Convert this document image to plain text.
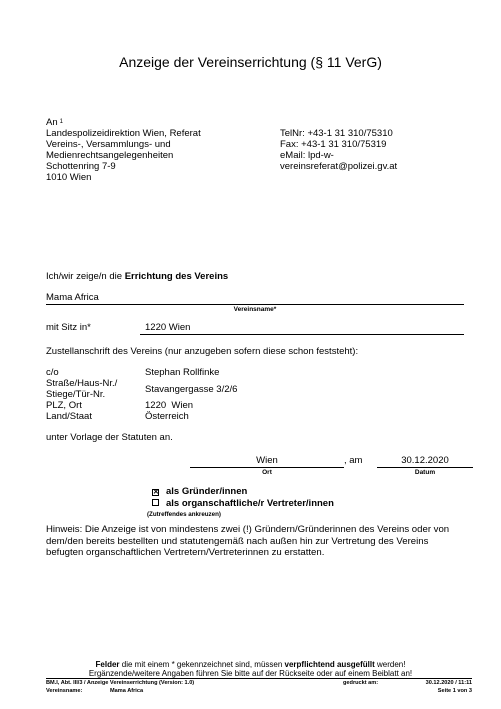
Anzeige der Vereinserrichtung (§ 11 VerG)
An $^1$
Landespolizeidirektion Wien, Referat
Vereins-, Versammlungs- und
Medienrechtsangelegenheiten
Schottenring 7-9
1010 Wien
TelNr: +43-1 31 310/75310
Fax: +43-1 31 310/75319
eMail: lpd-w-
vereinsreferat@polizei.gv.at
Ich/wir zeige/n die Errichtung des Vereins
Mama Africa
Vereinsname*
mit Sitz in*	1220 Wien
Zustellanschrift des Vereins (nur anzugeben sofern diese schon feststeht):
c/o	Stephan Rollfinke
Straße/Haus-Nr./
Stiege/Tür-Nr.	Stavangergasse 3/2/6
PLZ, Ort	1220  Wien
Land/Staat	Österreich
unter Vorlage der Statuten an.
Wien
Ort
, am	30.12.2020
Datum
✕ als Gründer/innen
als organschaftliche/r Vertreter/innen
(Zutreffendes ankreuzen)
Hinweis: Die Anzeige ist von mindestens zwei (!) Gründern/Gründerinnen des Vereins oder von dem/den bereits bestellten und statutengemäß nach außen hin zur Vertretung des Vereins befugten organschaftlichen Vertretern/Vertreterinnen zu erstatten.
Felder die mit einem * gekennzeichnet sind, müssen verpflichtend ausgefüllt werden!
Ergänzende/weitere Angaben führen Sie bitte auf der Rückseite oder auf einem Beiblatt an!
BM.I, Abt. III/3 / Anzeige Vereinserrichtung (Version: 1.0)	gedruckt am:	30.12.2020 / 11:11
Vereinsname:	Mama Africa	Seite 1 von 3
